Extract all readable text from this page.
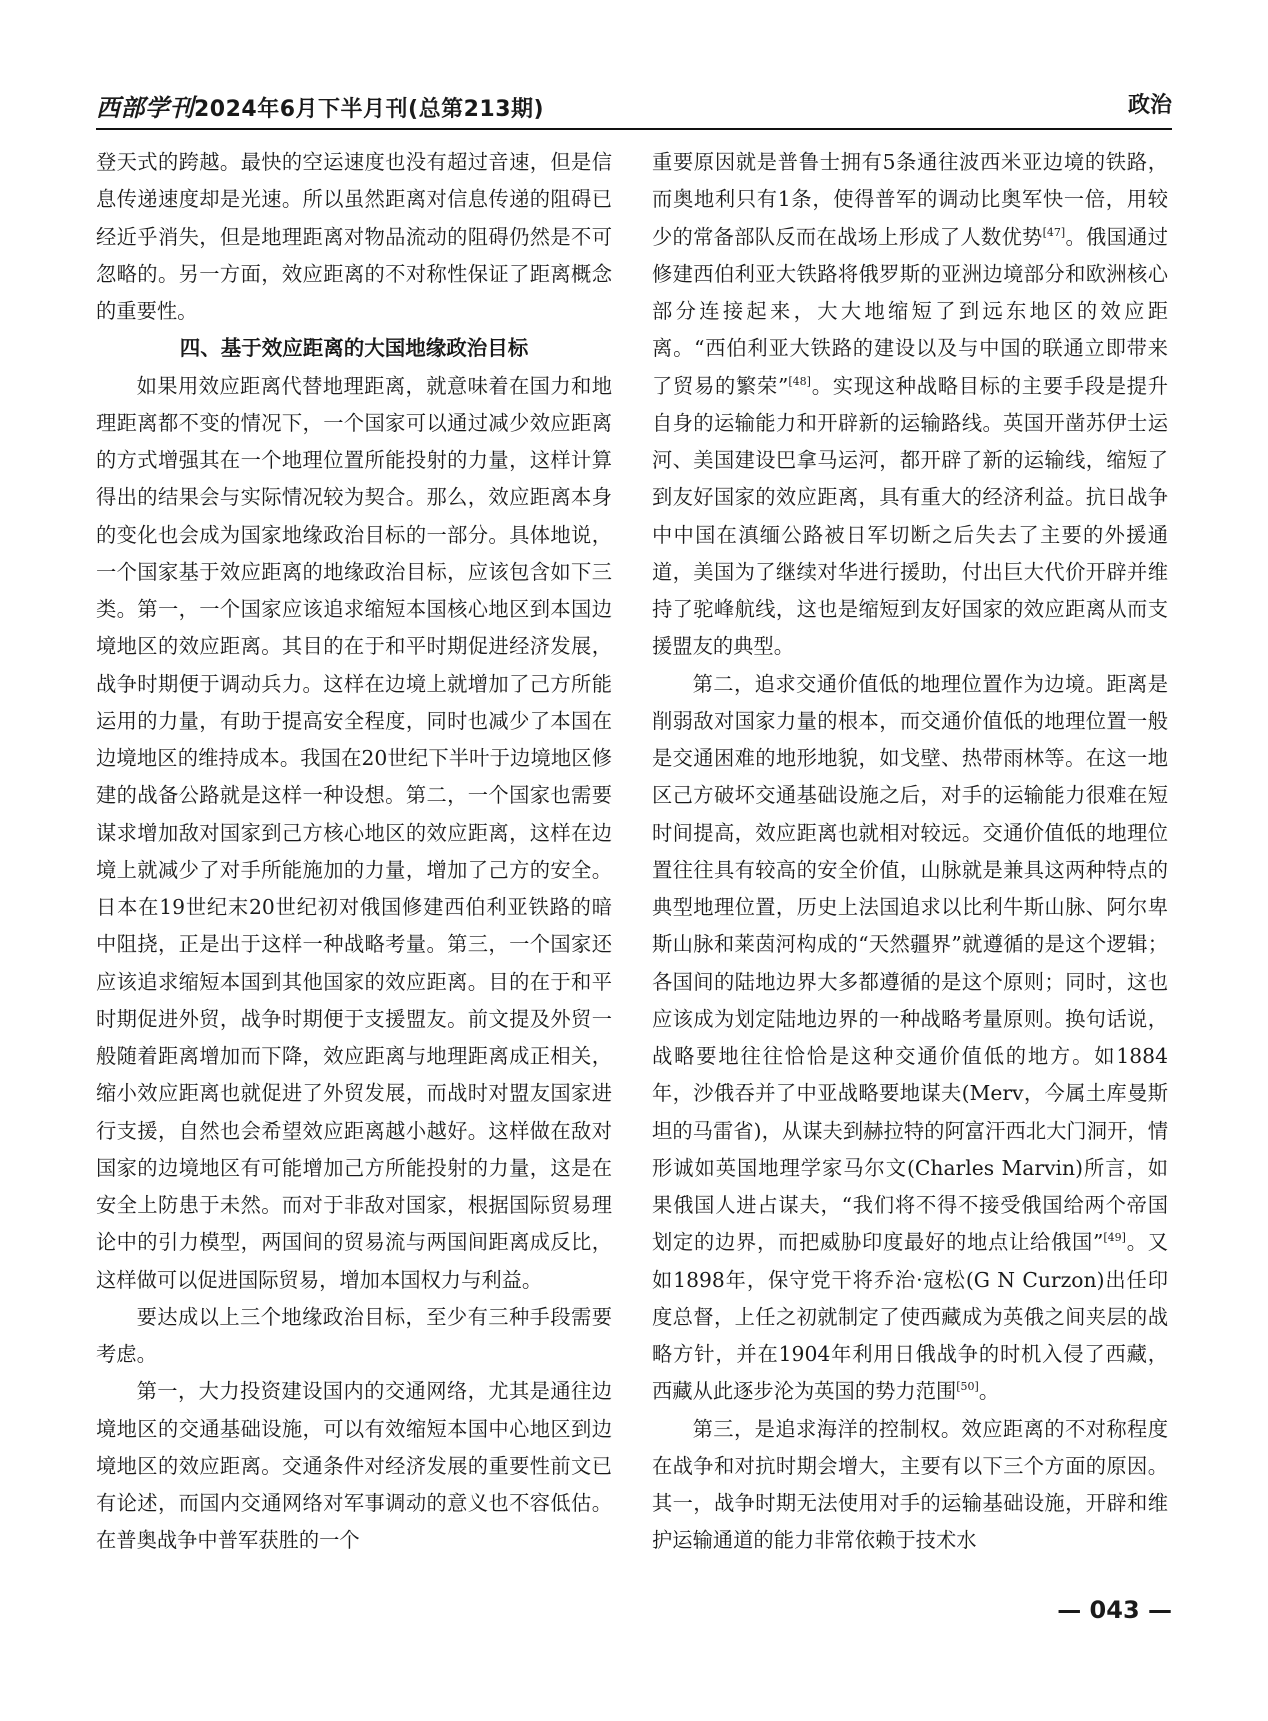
西部学刊2024年6月下半月刊(总第213期)	政治

登天式的跨越。最快的空运速度也没有超过音速，但是信息传递速度却是光速。所以虽然距离对信息传递的阻碍已经近乎消失，但是地理距离对物品流动的阻碍仍然是不可忽略的。另一方面，效应距离的不对称性保证了距离概念的重要性。

四、基于效应距离的大国地缘政治目标

如果用效应距离代替地理距离，就意味着在国力和地理距离都不变的情况下，一个国家可以通过减少效应距离的方式增强其在一个地理位置所能投射的力量，这样计算得出的结果会与实际情况较为契合。那么，效应距离本身的变化也会成为国家地缘政治目标的一部分。具体地说，一个国家基于效应距离的地缘政治目标，应该包含如下三类。第一，一个国家应该追求缩短本国核心地区到本国边境地区的效应距离。其目的在于和平时期促进经济发展，战争时期便于调动兵力。这样在边境上就增加了己方所能运用的力量，有助于提高安全程度，同时也减少了本国在边境地区的维持成本。我国在20世纪下半叶于边境地区修建的战备公路就是这样一种设想。第二，一个国家也需要谋求增加敌对国家到己方核心地区的效应距离，这样在边境上就减少了对手所能施加的力量，增加了己方的安全。日本在19世纪末20世纪初对俄国修建西伯利亚铁路的暗中阻挠，正是出于这样一种战略考量。第三，一个国家还应该追求缩短本国到其他国家的效应距离。目的在于和平时期促进外贸，战争时期便于支援盟友。前文提及外贸一般随着距离增加而下降，效应距离与地理距离成正相关，缩小效应距离也就促进了外贸发展，而战时对盟友国家进行支援，自然也会希望效应距离越小越好。这样做在敌对国家的边境地区有可能增加己方所能投射的力量，这是在安全上防患于未然。而对于非敌对国家，根据国际贸易理论中的引力模型，两国间的贸易流与两国间距离成反比，这样做可以促进国际贸易，增加本国权力与利益。

要达成以上三个地缘政治目标，至少有三种手段需要考虑。

第一，大力投资建设国内的交通网络，尤其是通往边境地区的交通基础设施，可以有效缩短本国中心地区到边境地区的效应距离。交通条件对经济发展的重要性前文已有论述，而国内交通网络对军事调动的意义也不容低估。在普奥战争中普军获胜的一个

重要原因就是普鲁士拥有5条通往波西米亚边境的铁路，而奥地利只有1条，使得普军的调动比奥军快一倍，用较少的常备部队反而在战场上形成了人数优势[47]。俄国通过修建西伯利亚大铁路将俄罗斯的亚洲边境部分和欧洲核心部分连接起来，大大地缩短了到远东地区的效应距离。“西伯利亚大铁路的建设以及与中国的联通立即带来了贸易的繁荣”[48]。实现这种战略目标的主要手段是提升自身的运输能力和开辟新的运输路线。英国开凿苏伊士运河、美国建设巴拿马运河，都开辟了新的运输线，缩短了到友好国家的效应距离，具有重大的经济利益。抗日战争中中国在滇缅公路被日军切断之后失去了主要的外援通道，美国为了继续对华进行援助，付出巨大代价开辟并维持了驼峰航线，这也是缩短到友好国家的效应距离从而支援盟友的典型。

第二，追求交通价值低的地理位置作为边境。距离是削弱敌对国家力量的根本，而交通价值低的地理位置一般是交通困难的地形地貌，如戈壁、热带雨林等。在这一地区己方破坏交通基础设施之后，对手的运输能力很难在短时间提高，效应距离也就相对较远。交通价值低的地理位置往往具有较高的安全价值，山脉就是兼具这两种特点的典型地理位置，历史上法国追求以比利牛斯山脉、阿尔卑斯山脉和莱茵河构成的“天然疆界”就遵循的是这个逻辑；各国间的陆地边界大多都遵循的是这个原则；同时，这也应该成为划定陆地边界的一种战略考量原则。换句话说，战略要地往往恰恰是这种交通价值低的地方。如1884年，沙俄吞并了中亚战略要地谋夫(Merv，今属土库曼斯坦的马雷省)，从谋夫到赫拉特的阿富汗西北大门洞开，情形诚如英国地理学家马尔文(Charles Marvin)所言，如果俄国人进占谋夫，“我们将不得不接受俄国给两个帝国划定的边界，而把威胁印度最好的地点让给俄国”[49]。又如1898年，保守党干将乔治·寇松(G N Curzon)出任印度总督，上任之初就制定了使西藏成为英俄之间夹层的战略方针，并在1904年利用日俄战争的时机入侵了西藏，西藏从此逐步沦为英国的势力范围[50]。

第三，是追求海洋的控制权。效应距离的不对称程度在战争和对抗时期会增大，主要有以下三个方面的原因。其一，战争时期无法使用对手的运输基础设施，开辟和维护运输通道的能力非常依赖于技术水

— 043 —
